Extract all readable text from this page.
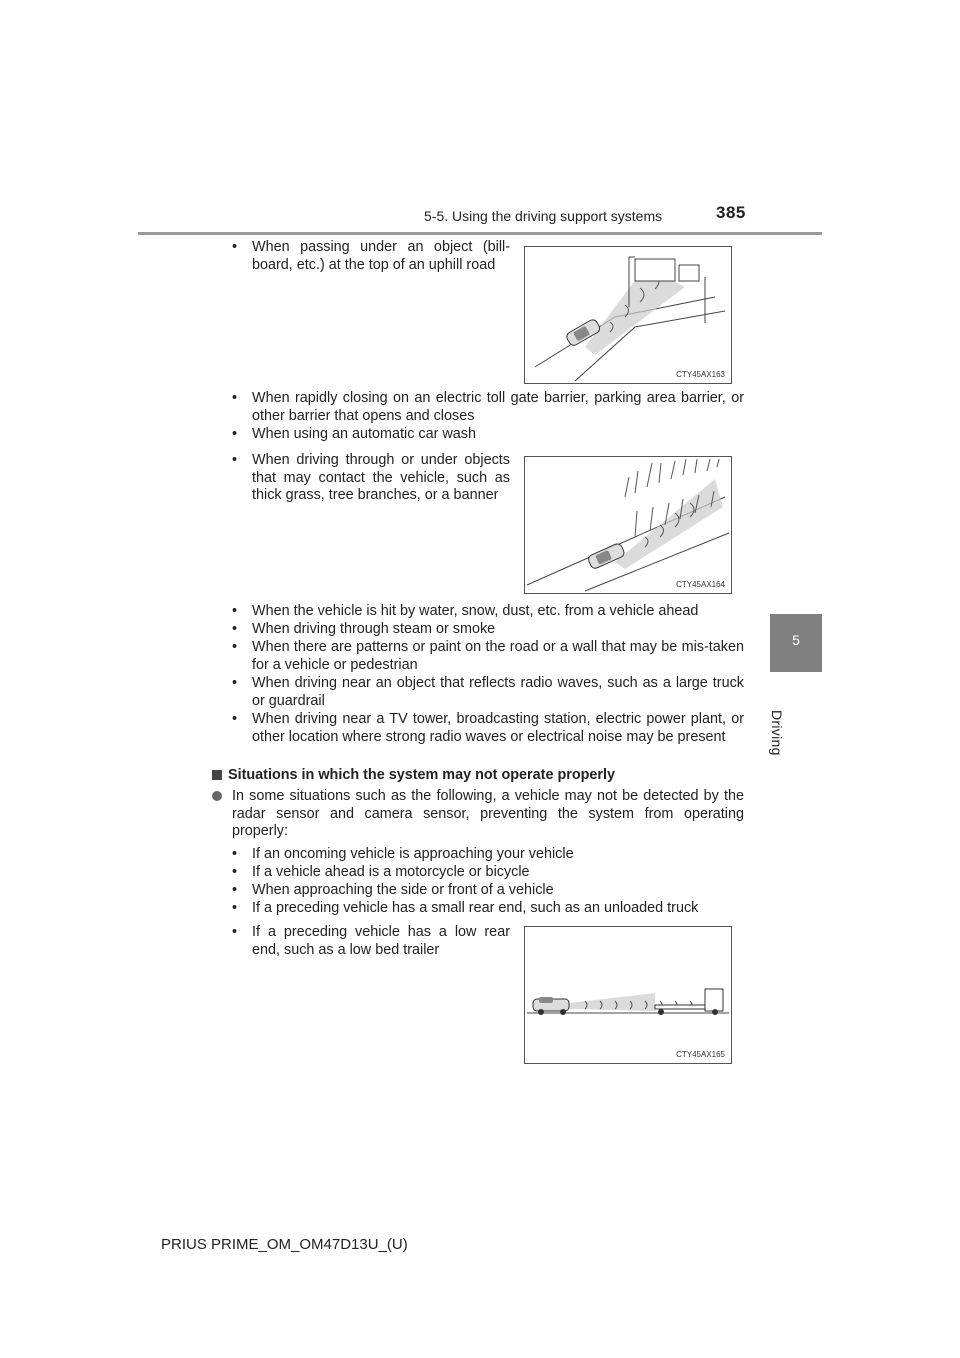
5-5. Using the driving support systems	385
5
Driving
• When passing under an object (bill-board, etc.) at the top of an uphill road
CTY45AX163
• When rapidly closing on an electric toll gate barrier, parking area barrier, or other barrier that opens and closes
• When using an automatic car wash
• When driving through or under objects that may contact the vehicle, such as thick grass, tree branches, or a banner
CTY45AX164
• When the vehicle is hit by water, snow, dust, etc. from a vehicle ahead
• When driving through steam or smoke
• When there are patterns or paint on the road or a wall that may be mis-taken for a vehicle or pedestrian
• When driving near an object that reflects radio waves, such as a large truck or guardrail
• When driving near a TV tower, broadcasting station, electric power plant, or other location where strong radio waves or electrical noise may be present
Situations in which the system may not operate properly
In some situations such as the following, a vehicle may not be detected by the radar sensor and camera sensor, preventing the system from operating properly:
• If an oncoming vehicle is approaching your vehicle
• If a vehicle ahead is a motorcycle or bicycle
• When approaching the side or front of a vehicle
• If a preceding vehicle has a small rear end, such as an unloaded truck
• If a preceding vehicle has a low rear end, such as a low bed trailer
CTY45AX165
PRIUS PRIME_OM_OM47D13U_(U)
